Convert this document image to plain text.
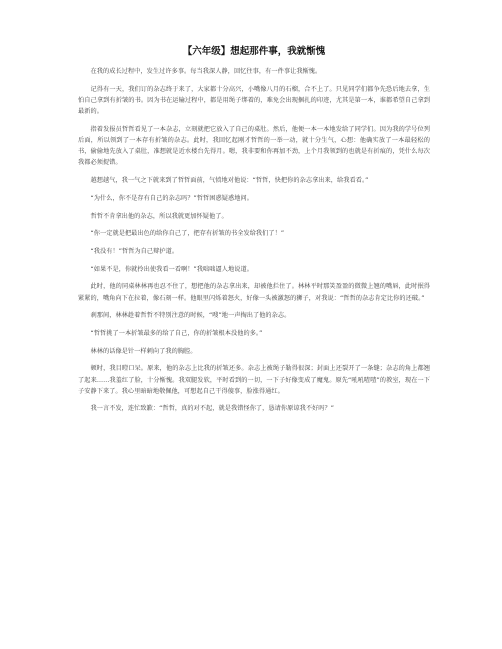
【六年级】想起那件事，我就惭愧

在我的成长过程中，发生过许多事。每当我深人静，回忆往事，有一件事让我惭愧。

记得有一天，我们订的杂志终于来了，大家都十分高兴，小嘴像八月的石榴，合不上了。只见同学们都争先恐后地去拿，生怕自己拿到有折皱的书。因为书在运输过程中，都是用绳子绑着的，难免会出现捆扎的印迹，尤其是第一本，谁都希望自己拿到最新的。

指着发报员哲哲看见了一本杂志，立刻就把它放入了自己的桌肚。然后，他便一本一本地发给了同学们。因为我的学号位列后面，所以领到了一本存有折皱的杂志。此时，我回忆起刚才哲哲的一举一动，就十分生气，心想：他确实放了一本最轻松的书，偷偷地先放入了桌肚，准想就是近水楼台先得月。嗯，我非要和你再加不劲，上个月我领到的也就是有折痕的，凭什么每次我都必须捉错。

越想越气，我一气之下就来到了哲哲面前，气愤地对他说：“哲哲，快把你的杂志拿出来，给我看看。”

“为什么，你不是存有自己的杂志吗？”哲哲困惑疑惑地问。

哲哲不肯拿出他的杂志，所以我就更加怀疑他了。

“你一定就是把最出色的给你自己了，把存有折皱的书全发给我们了！”

“我没有！”哲哲为自己辩护道。

“如果不是，你就拎出使我看一看啊！”我咄咄逼人地说道。

此时，他的同桌林林再也忍不住了，想把他的杂志拿出来，却被他拦住了。林林平时那笑盈盈的微微上翘的嘴唇，此时抿得紧紧的，嘴角向下在拉着，像石刻一样。他眼里闪烁着怒火，好像一头被激怒的狮子，对我说：“哲哲的杂志肯定比你的还破。”

刹那间，林林趁着哲哲不特别注意的时候，“嗖”地一声掏出了他的杂志。

“哲哲挑了一本折皱最多的给了自己，你的折皱根本没他的多。”

林林的话像是针一样刺向了我的胸腔。

顿时，我目瞪口呆。原来，他的杂志上比我的折皱还多。杂志上被绳子勒得很深；封面上还裂开了一条缝；杂志的角上都翘了起来……我羞红了脸，十分惭愧。我双腿发软，平时看到的一切，一下子好像变成了魔鬼。原先“吼吼喳喳”的教室，现在一下子安静下来了。我心里暗暗地敬佩他，可想起自己干得傻事，脸涨得通红。

我一言不发，连忙致歉：“哲哲，真的对不起，就是我错怪你了，恳请你原谅我不好吗？”
